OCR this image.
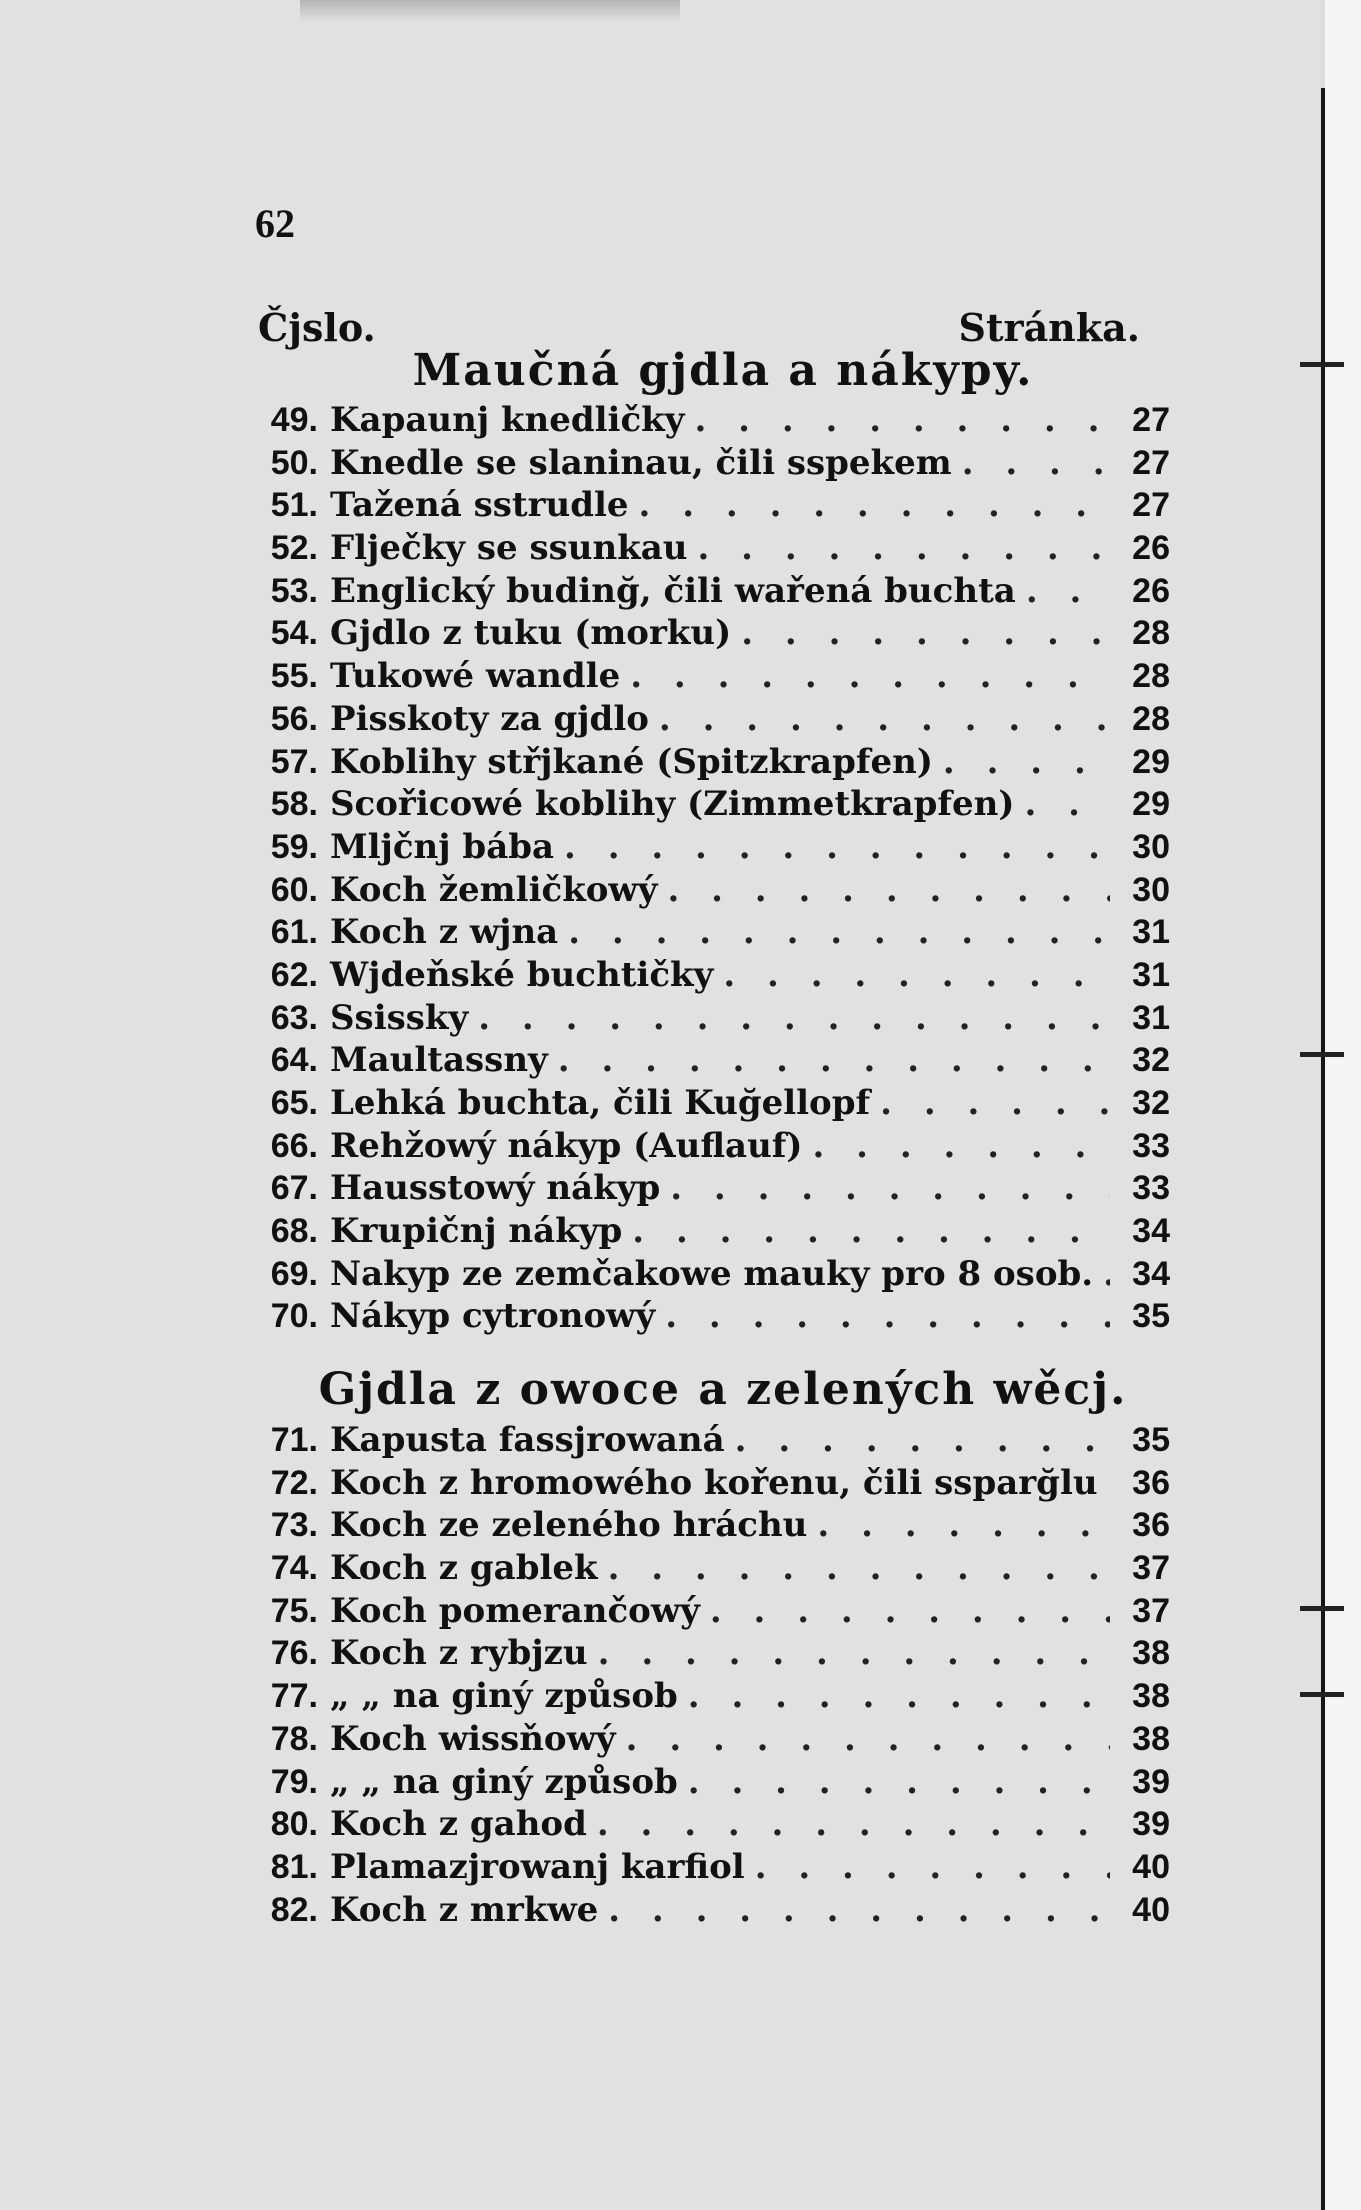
62
Čjslo.	Stránka.
Maučná gjdla a nákypy.
49. Kapaunj knedličky . . .	27
50. Knedle se slaninau, čili sspekem . . .	27
51. Tažená sstrudle . . .	27
52. Flječky se ssunkau . . .	26
53. Englický budinğ, čili wařená buchta . . .	26
54. Gjdlo z tuku (morku) . . .	28
55. Tukowé wandle . . .	28
56. Pisskoty za gjdlo . . .	28
57. Koblihy střjkané (Spitzkrapfen) . . .	29
58. Scořicowé koblihy (Zimmetkrapfen) . . .	29
59. Mljčnj bába . . .	30
60. Koch žemličkowý . . .	30
61. Koch z wjna . . .	31
62. Wjdeňské buchtičky . . .	31
63. Ssissky . . .	31
64. Maultassny . . .	32
65. Lehká buchta, čili Kuğellopf . . .	32
66. Rehžowý nákyp (Auflauf) . . .	33
67. Hausstowý nákyp . . .	33
68. Krupičnj nákyp . . .	34
69. Nakyp ze zemčakowe mauky pro 8 osob. . . .	34
70. Nákyp cytronowý . . .	35
Gjdla z owoce a zelených wěcj.
71. Kapusta fassjrowaná . . .	35
72. Koch z hromowého kořenu, čili ssparğlu . . .	36
73. Koch ze zeleného hráchu . . .	36
74. Koch z gablek . . .	37
75. Koch pomerančowý . . .	37
76. Koch z rybjzu . . .	38
77. „ „ na giný způsob . . .	38
78. Koch wissňowý . . .	38
79. „ „ na giný způsob . . .	39
80. Koch z gahod . . .	39
81. Plamazjrowanj karfiol . . .	40
82. Koch z mrkwe . . .	40
